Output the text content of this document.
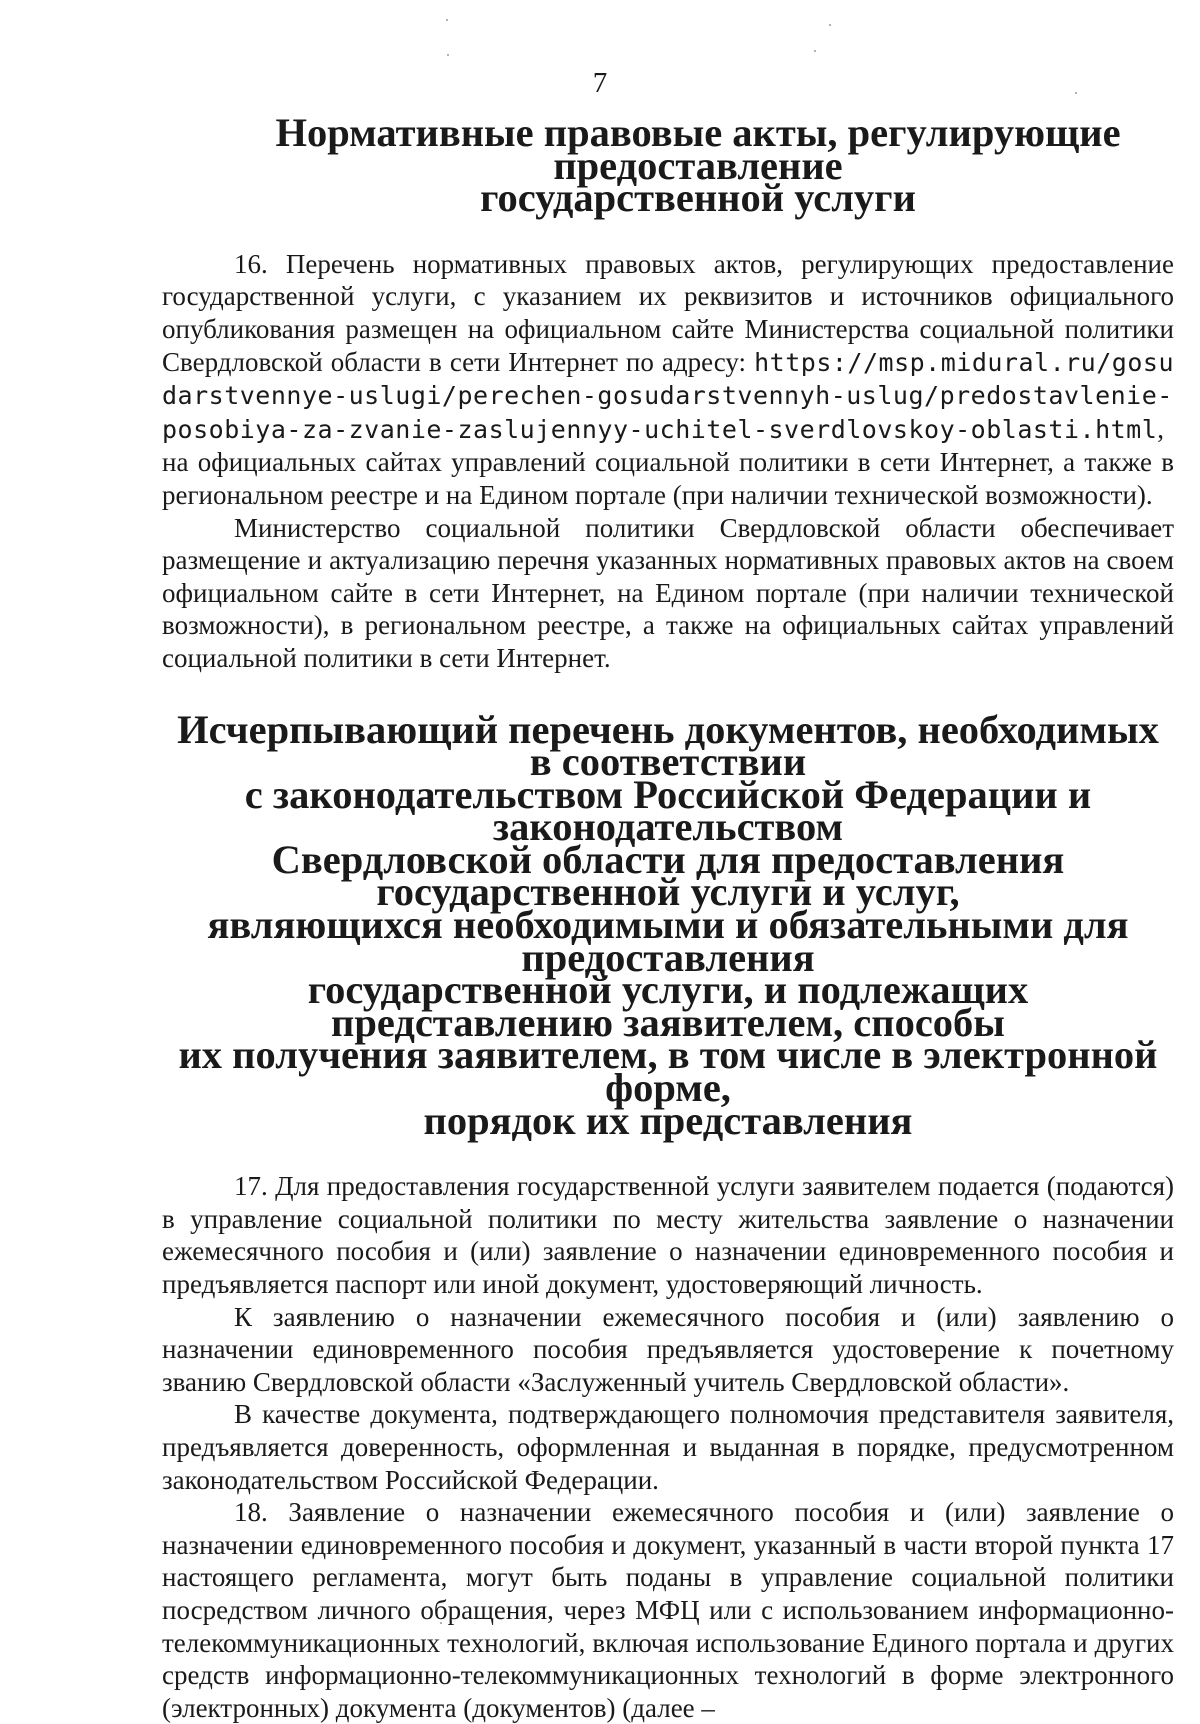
7
Нормативные правовые акты, регулирующие предоставление
государственной услуги

16. Перечень нормативных правовых актов, регулирующих предоставление государственной услуги, с указанием их реквизитов и источников официального опубликования размещен на официальном сайте Министерства социальной политики Свердловской области в сети Интернет по адресу: https://msp.midural.ru/gosudarstvennye-uslugi/perechen-gosudarstvennyh-uslug/predostavlenie-posobiya-za-zvanie-zaslujennyy-uchitel-sverdlovskoy-oblasti.html, на официальных сайтах управлений социальной политики в сети Интернет, а также в региональном реестре и на Едином портале (при наличии технической возможности).

Министерство социальной политики Свердловской области обеспечивает размещение и актуализацию перечня указанных нормативных правовых актов на своем официальном сайте в сети Интернет, на Едином портале (при наличии технической возможности), в региональном реестре, а также на официальных сайтах управлений социальной политики в сети Интернет.

Исчерпывающий перечень документов, необходимых в соответствии
с законодательством Российской Федерации и законодательством
Свердловской области для предоставления государственной услуги и услуг,
являющихся необходимыми и обязательными для предоставления
государственной услуги, и подлежащих представлению заявителем, способы
их получения заявителем, в том числе в электронной форме,
порядок их представления

17. Для предоставления государственной услуги заявителем подается (подаются) в управление социальной политики по месту жительства заявление о назначении ежемесячного пособия и (или) заявление о назначении единовременного пособия и предъявляется паспорт или иной документ, удостоверяющий личность.

К заявлению о назначении ежемесячного пособия и (или) заявлению о назначении единовременного пособия предъявляется удостоверение к почетному званию Свердловской области «Заслуженный учитель Свердловской области».

В качестве документа, подтверждающего полномочия представителя заявителя, предъявляется доверенность, оформленная и выданная в порядке, предусмотренном законодательством Российской Федерации.

18. Заявление о назначении ежемесячного пособия и (или) заявление о назначении единовременного пособия и документ, указанный в части второй пункта 17 настоящего регламента, могут быть поданы в управление социальной политики посредством личного обращения, через МФЦ или с использованием информационно-телекоммуникационных технологий, включая использование Единого портала и других средств информационно-телекоммуникационных технологий в форме электронного (электронных) документа (документов) (далее –
